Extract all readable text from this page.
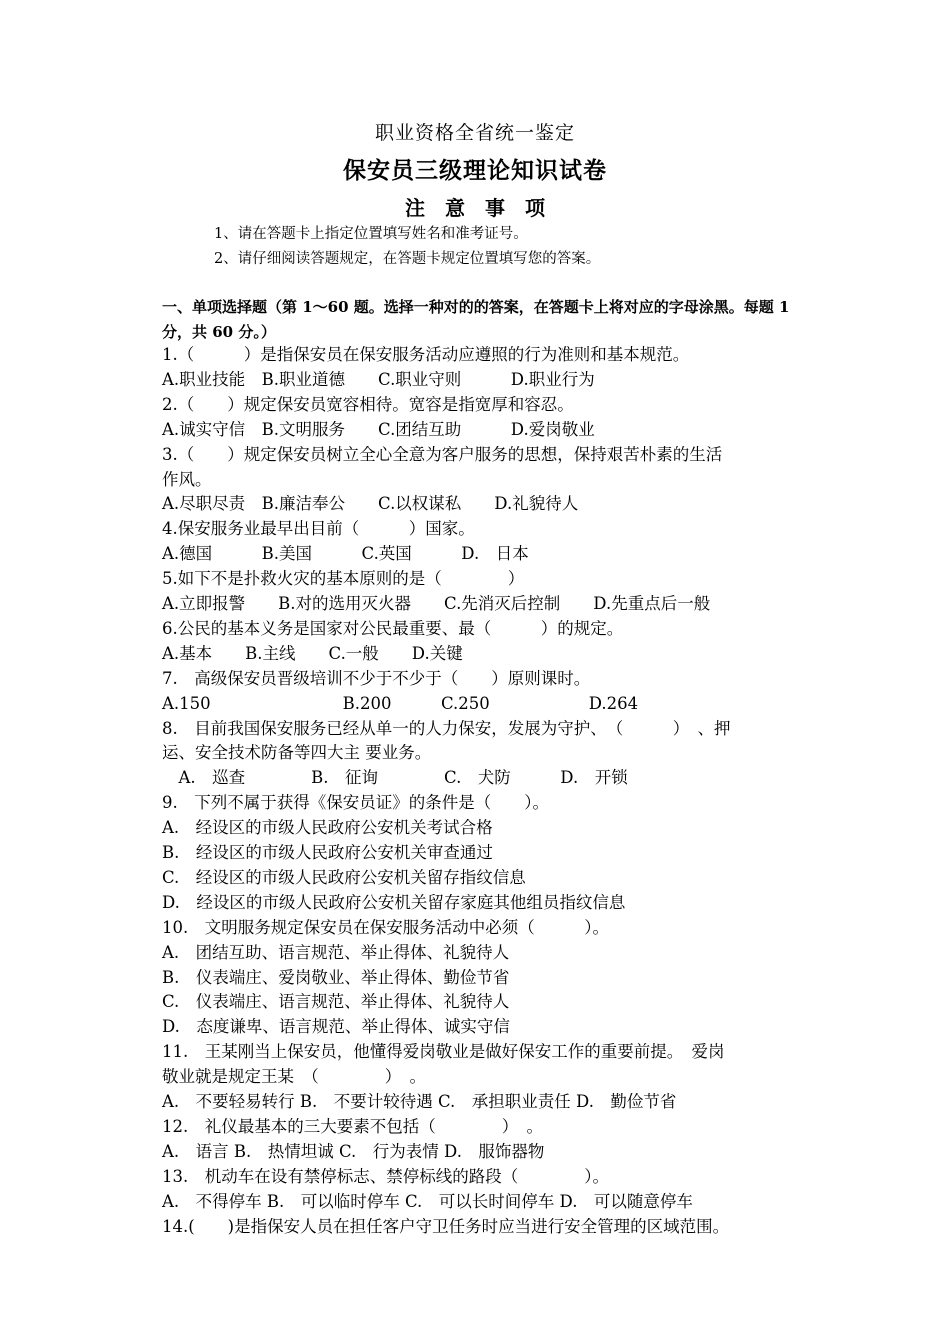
职业资格全省统一鉴定
保安员三级理论知识试卷
注　意　事　项
1、请在答题卡上指定位置填写姓名和准考证号。
2、请仔细阅读答题规定，在答题卡规定位置填写您的答案。
一、单项选择题（第 1～60 题。选择一种对的的答案，在答题卡上将对应的字母涂黑。每题 1 分，共 60 分。）
1.（　　　）是指保安员在保安服务活动应遵照的行为准则和基本规范。
A.职业技能　B.职业道德　　C.职业守则　　　D.职业行为
2.（　　）规定保安员宽容相待。宽容是指宽厚和容忍。
A.诚实守信　B.文明服务　　C.团结互助　　　D.爱岗敬业
3.（　　）规定保安员树立全心全意为客户服务的思想，保持艰苦朴素的生活
作风。
A.尽职尽责　B.廉洁奉公　　C.以权谋私　　D.礼貌待人
4.保安服务业最早出目前（　　　）国家。
A.德国　　　B.美国　　　C.英国　　　D.　日本
5.如下不是扑救火灾的基本原则的是（　　　　）
A.立即报警　　B.对的选用灭火器　　C.先消灭后控制　　D.先重点后一般
6.公民的基本义务是国家对公民最重要、最（　　　）的规定。
A.基本　　B.主线　　C.一般　　D.关键
7.　高级保安员晋级培训不少于不少于（　　）原则课时。
A.150　　　　　　　　B.200　　　C.250　　　　　　D.264
8.　目前我国保安服务已经从单一的人力保安，发展为守护、　（　　　）　、押
运、安全技术防备等四大主 要业务。
　A.　巡查　　　　B.　征询　　　　C.　犬防　　　D.　开锁
9.　下列不属于获得《保安员证》的条件是（　　）。
A.　经设区的市级人民政府公安机关考试合格
B.　经设区的市级人民政府公安机关审查通过
C.　经设区的市级人民政府公安机关留存指纹信息
D.　经设区的市级人民政府公安机关留存家庭其他组员指纹信息
10.　文明服务规定保安员在保安服务活动中必须（　　　）。
A.　团结互助、语言规范、举止得体、礼貌待人
B.　仪表端庄、爱岗敬业、举止得体、勤俭节省
C.　仪表端庄、语言规范、举止得体、礼貌待人
D.　态度谦卑、语言规范、举止得体、诚实守信
11.　王某刚当上保安员，他懂得爱岗敬业是做好保安工作的重要前提。　爱岗
敬业就是规定王某　（　　　　）　。
A.　不要轻易转行 B.　不要计较待遇 C.　承担职业责任 D.　勤俭节省
12.　礼仪最基本的三大要素不包括（　　　　）　。
A.　语言 B.　热情坦诚 C.　行为表情 D.　服饰器物
13.　机动车在设有禁停标志、禁停标线的路段（　　　　）。
A.　不得停车 B.　可以临时停车 C.　可以长时间停车 D.　可以随意停车
14.(　　)是指保安人员在担任客户守卫任务时应当进行安全管理的区域范围。
